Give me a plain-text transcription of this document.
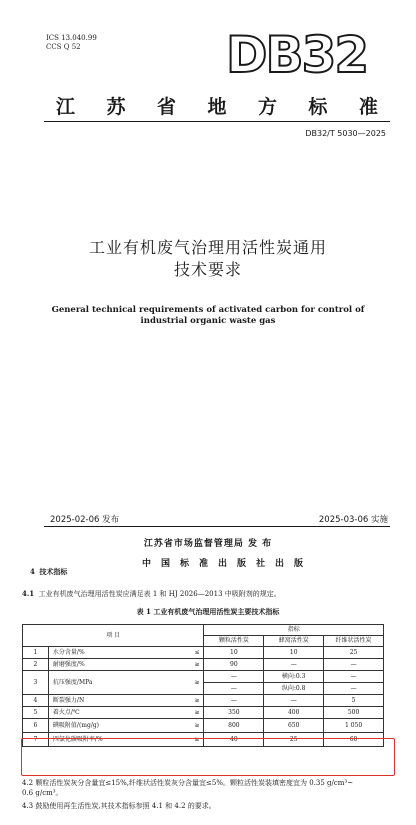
ICS 13.040.99
CCS Q 52	DB32
江 苏 省 地 方 标 准
DB32/T 5030—2025
工业有机废气治理用活性炭通用
技术要求
General technical requirements of activated carbon for control of
industrial organic waste gas
2025-02-06 发布	2025-03-06 实施
江苏省市场监督管理局 发 布
中国标准出版社出版
4 技术指标
4.1 工业有机废气治理用活性炭应满足表 1 和 HJ 2026—2013 中吸附剂的规定。
表 1 工业有机废气治理用活性炭主要技术指标
项 目			指标		
			颗粒活性炭	蜂窝活性炭	纤维状活性炭
1	水分含量/%	≤	10	10	25
2	耐磨强度/%	≥	90	—	—
3	抗压强度/MPa	≥	—	横向:0.3	—
			—	纵向:0.8	—
4	断裂强力/N	≥	—	—	5
5	着火点/℃	≥	350	400	500
6	碘吸附值/(mg/g)	≥	800	650	1 050
7	四氯化碳吸附率/%	≥	40	25	60
4.2 颗粒活性炭灰分含量宜≤15%,纤维状活性炭灰分含量宜≤5%。颗粒活性炭装填密度宜为 0.35 g/cm³~
0.6 g/cm³。
4.3 鼓励使用再生活性炭,其技术指标参照 4.1 和 4.2 的要求。
